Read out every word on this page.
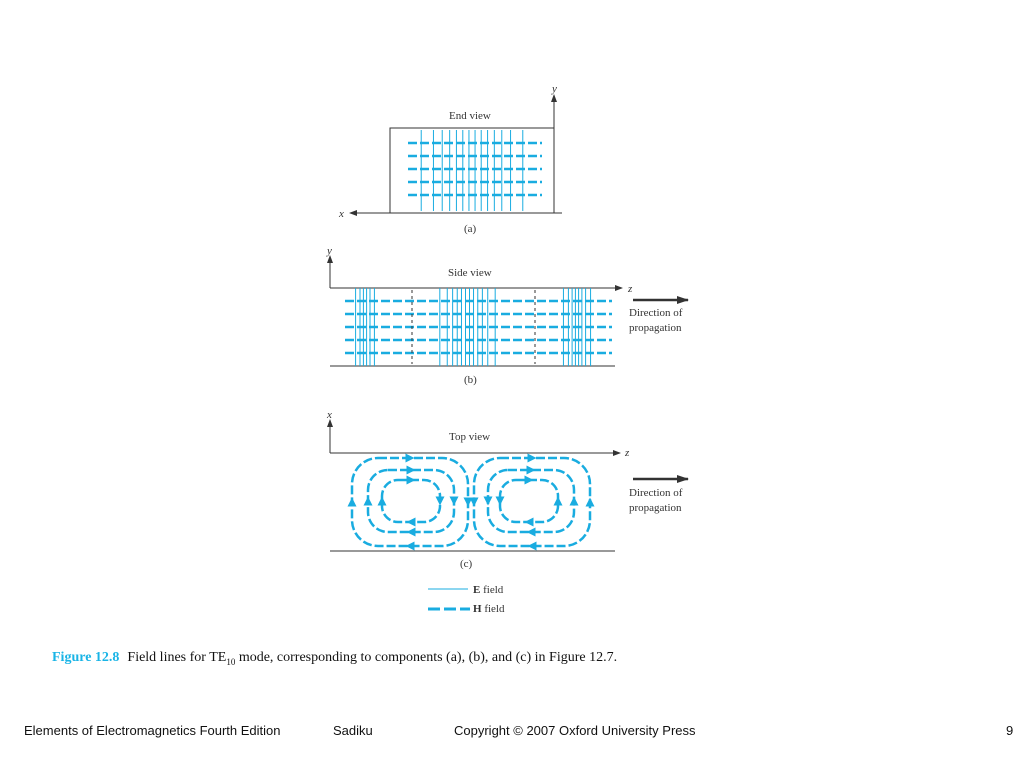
x
y
End view
(a)
y
z
Side view
Direction of
propagation
(b)
x
z
Top view
Direction of
propagation
(c)
E field
H field
Figure 12.8 Field lines for $TE_{10}$ mode, corresponding to components (a), (b), and (c) in Figure 12.7.
Elements of Electromagnetics Fourth Edition	Sadiku	Copyright © 2007 Oxford University Press	9
